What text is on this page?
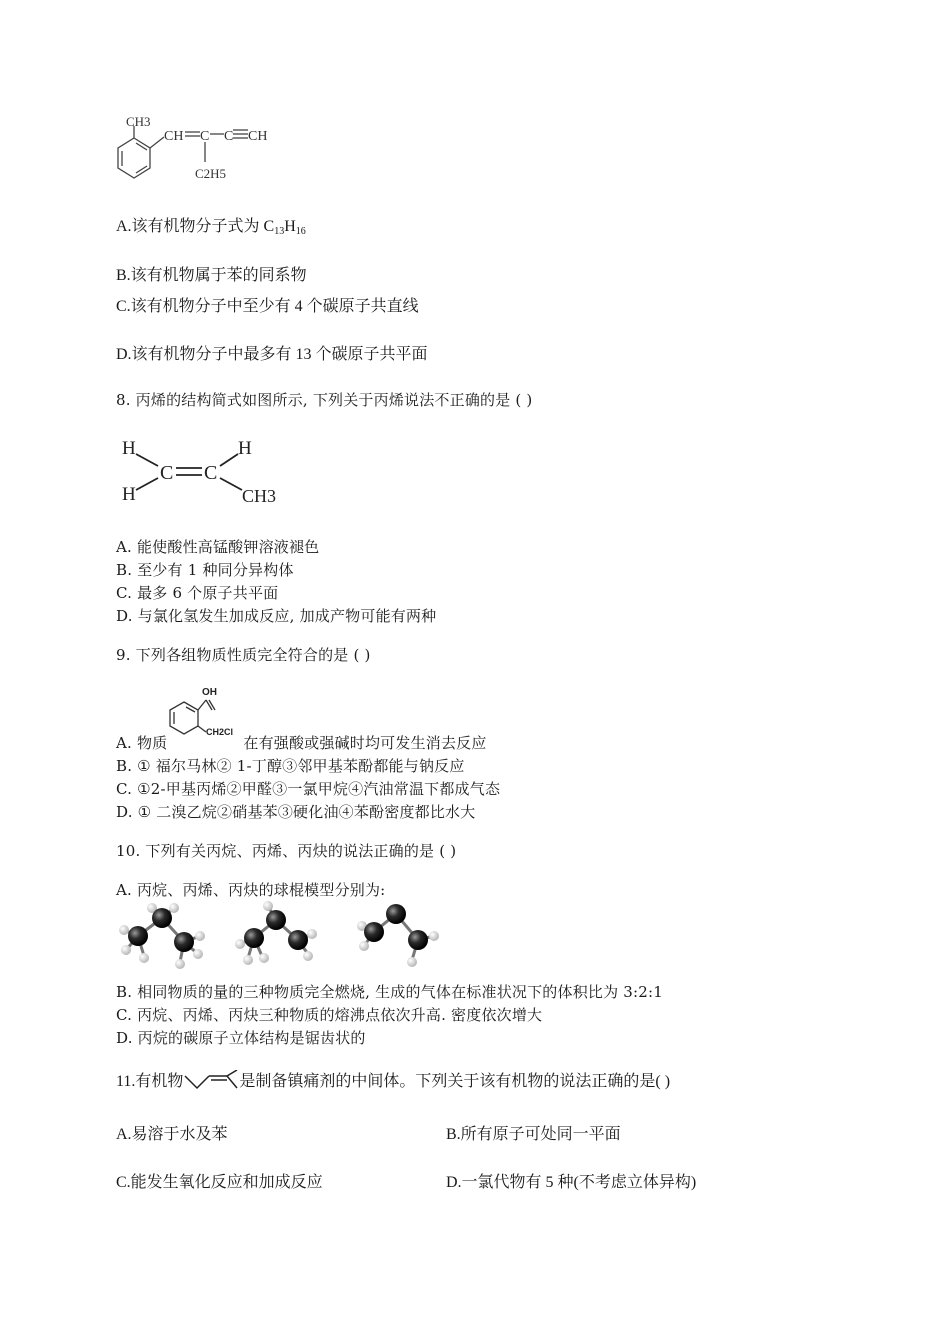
CH3
CH C C CH
C2H5
A.该有机物分子式为 $C_{13}H_{16}$
B.该有机物属于苯的同系物
C.该有机物分子中至少有 4 个碳原子共直线
D.该有机物分子中最多有 13 个碳原子共平面
8. 丙烯的结构简式如图所示, 下列关于丙烯说法不正确的是 ( )
H
H
C C
H
CH3
A. 能使酸性高锰酸钾溶液褪色
B. 至少有 1 种同分异构体
C. 最多 6 个原子共平面
D. 与氯化氢发生加成反应, 加成产物可能有两种
9. 下列各组物质性质完全符合的是 ( )
OH
CH2Cl
A. 物质	在有强酸或强碱时均可发生消去反应
B. ① 福尔马林② 1-丁醇③邻甲基苯酚都能与钠反应
C. ①2-甲基丙烯②甲醛③一氯甲烷④汽油常温下都成气态
D. ① 二溴乙烷②硝基苯③硬化油④苯酚密度都比水大
10. 下列有关丙烷、丙烯、丙炔的说法正确的是 ( )
A. 丙烷、丙烯、丙炔的球棍模型分别为:
B. 相同物质的量的三种物质完全燃烧, 生成的气体在标准状况下的体积比为 3:2:1
C. 丙烷、丙烯、丙炔三种物质的熔沸点依次升高. 密度依次增大
D. 丙烷的碳原子立体结构是锯齿状的
11.有机物	是制备镇痛剂的中间体。下列关于该有机物的说法正确的是( )
A.易溶于水及苯	B.所有原子可处同一平面
C.能发生氧化反应和加成反应	D.一氯代物有 5 种(不考虑立体异构)
